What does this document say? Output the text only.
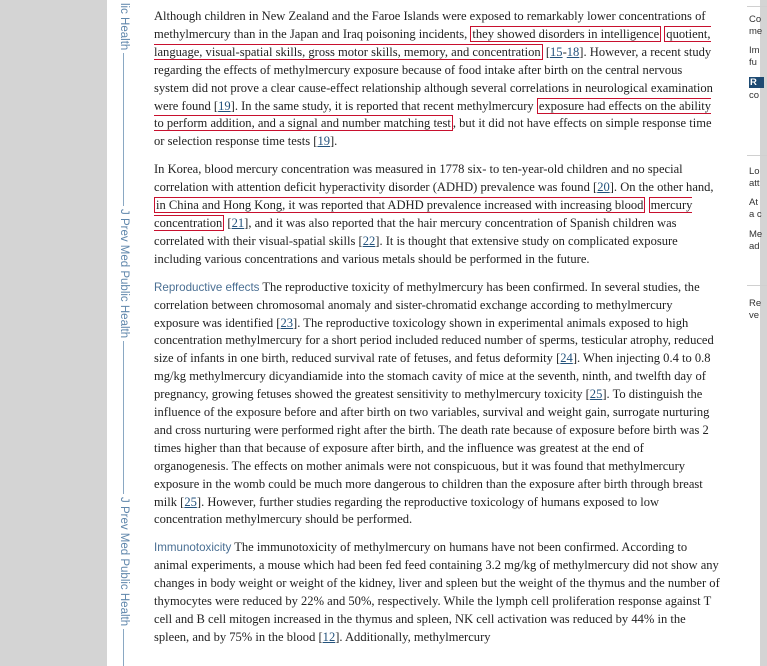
lic Health
J Prev Med Public Health
J Prev Med Public Health

Although children in New Zealand and the Faroe Islands were exposed to remarkably lower concentrations of methylmercury than in the Japan and Iraq poisoning incidents, they showed disorders in intelligence quotient, language, visual-spatial skills, gross motor skills, memory, and concentration [15-18]. However, a recent study regarding the effects of methylmercury exposure because of food intake after birth on the central nervous system did not prove a clear cause-effect relationship although several correlations in neurological examination were found [19]. In the same study, it is reported that recent methylmercury exposure had effects on the ability to perform addition, and a signal and number matching test , but it did not have effects on simple response time or selection response time tests [19].

In Korea, blood mercury concentration was measured in 1778 six- to ten-year-old children and no special correlation with attention deficit hyperactivity disorder (ADHD) prevalence was found [20]. On the other hand, in China and Hong Kong, it was reported that ADHD prevalence increased with increasing blood mercury concentration [21], and it was also reported that the hair mercury concentration of Spanish children was correlated with their visual-spatial skills [22]. It is thought that extensive study on complicated exposure including various concentrations and various metals should be performed in the future.

Reproductive effects The reproductive toxicity of methylmercury has been confirmed. In several studies, the correlation between chromosomal anomaly and sister-chromatid exchange according to methylmercury exposure was identified [23]. The reproductive toxicology shown in experimental animals exposed to high concentration methylmercury for a short period included reduced number of sperms, testicular atrophy, reduced size of infants in one birth, reduced survival rate of fetuses, and fetus deformity [24]. When injecting 0.4 to 0.8 mg/kg methylmercury dicyandiamide into the stomach cavity of mice at the seventh, ninth, and twelfth day of pregnancy, growing fetuses showed the greatest sensitivity to methylmercury toxicity [25]. To distinguish the influence of the exposure before and after birth on two variables, survival and weight gain, surrogate nurturing and cross nurturing were performed right after the birth. The death rate because of exposure before birth was 2 times higher than that because of exposure after birth, and the influence was greatest at the end of organogenesis. The effects on mother animals were not conspicuous, but it was found that methylmercury exposure in the womb could be much more dangerous to children than the exposure after birth through breast milk [25]. However, further studies regarding the reproductive toxicology of humans exposed to low concentration methylmercury should be performed.

Immunotoxicity The immunotoxicity of methylmercury on humans have not been confirmed. According to animal experiments, a mouse which had been fed feed containing 3.2 mg/kg of methylmercury did not show any changes in body weight or weight of the kidney, liver and spleen but the weight of the thymus and the number of thymocytes were reduced by 22% and 50%, respectively. While the lymph cell proliferation response against T cell and B cell mitogen increased in the thymus and spleen, NK cell activation was reduced by 44% in the spleen, and by 75% in the blood [12]. Additionally, methylmercury

Co
me
Im
fu
R
co
Lo
att
At
a c
Me
ad
Re
ve
